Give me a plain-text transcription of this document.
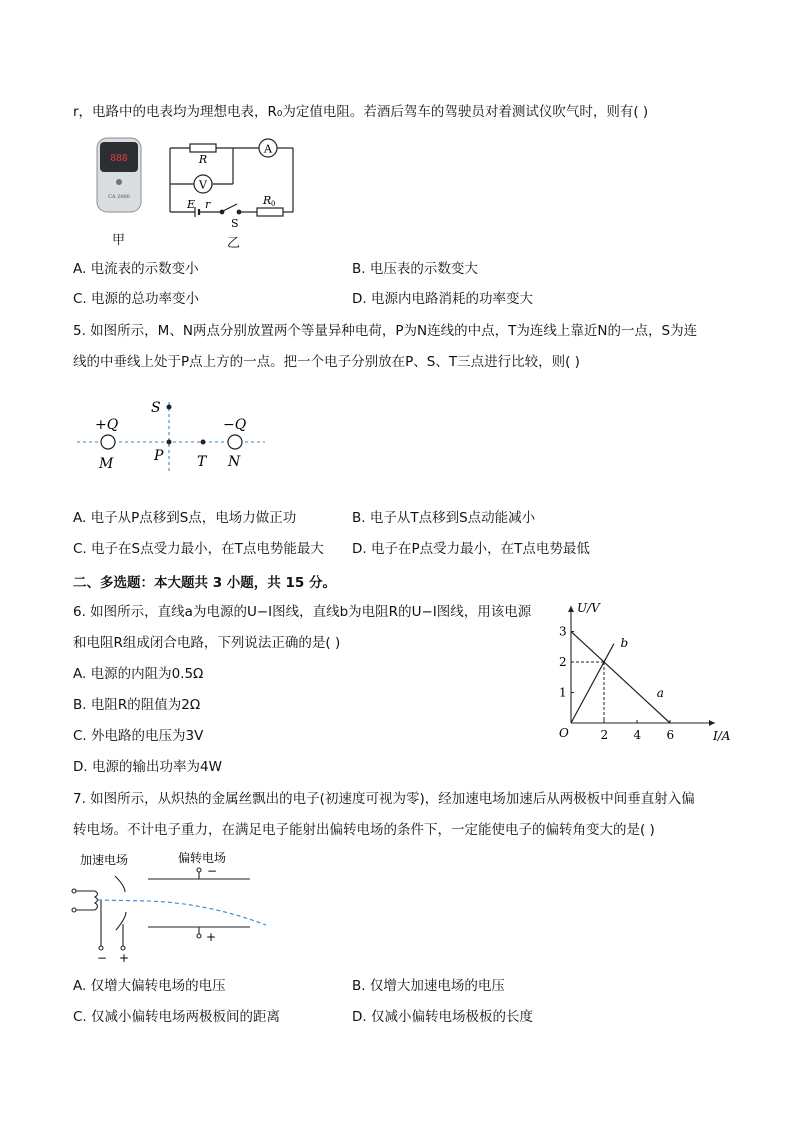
r，电路中的电表均为理想电表，R₀为定值电阻。若酒后驾车的驾驶员对着测试仪吹气时，则有( )
888
CA 2000
甲
A
V
R
E r	R 0
S
乙
A. 电流表的示数变小	B. 电压表的示数变大
C. 电源的总功率变小	D. 电源内电路消耗的功率变大
5. 如图所示，M、N两点分别放置两个等量异种电荷，P为N连线的中点，T为连线上靠近N的一点，S为连
线的中垂线上处于P点上方的一点。把一个电子分别放在P、S、T三点进行比较，则( )
+Q	−Q
M	N
P T
S
A. 电子从P点移到S点，电场力做正功	B. 电子从T点移到S点动能减小
C. 电子在S点受力最小，在T点电势能最大 D. 电子在P点受力最小，在T点电势最低
二、多选题：本大题共 3 小题，共 15 分。
6. 如图所示，直线a为电源的U−I图线，直线b为电阻R的U−I图线，用该电源
和电阻R组成闭合电路，下列说法正确的是( )
A. 电源的内阻为0.5Ω
B. 电阻R的阻值为2Ω
C. 外电路的电压为3V
D. 电源的输出功率为4W
U/V
I/A
O	2 4 6
1
2
3
a
b
7. 如图所示，从炽热的金属丝飘出的电子(初速度可视为零)，经加速电场加速后从两极板中间垂直射入偏
转电场。不计电子重力，在满足电子能射出偏转电场的条件下，一定能使电子的偏转角变大的是( )
加速电场	偏转电场
−
+
− +
A. 仅增大偏转电场的电压	B. 仅增大加速电场的电压
C. 仅减小偏转电场两极板间的距离	D. 仅减小偏转电场极板的长度
